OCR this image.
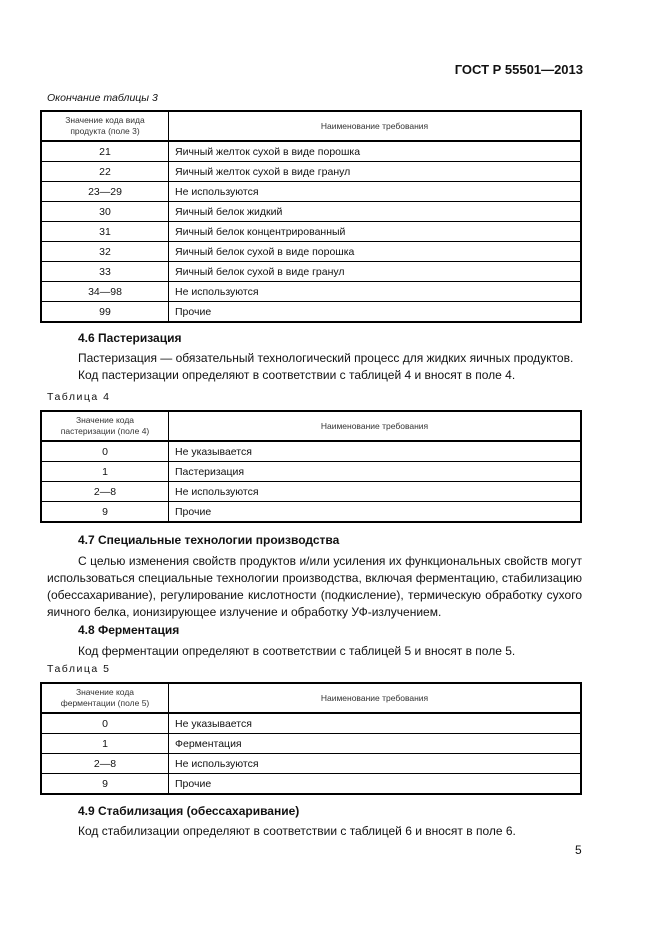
ГОСТ Р 55501—2013
Окончание таблицы 3
Значение кода вида продукта (поле 3)	Наименование требования
21	Яичный желток сухой в виде порошка
22	Яичный желток сухой в виде гранул
23—29	Не используются
30	Яичный белок жидкий
31	Яичный белок концентрированный
32	Яичный белок сухой в виде порошка
33	Яичный белок сухой в виде гранул
34—98	Не используются
99	Прочие
4.6 Пастеризация
Пастеризация — обязательный технологический процесс для жидких яичных продуктов.
Код пастеризации определяют в соответствии с таблицей 4 и вносят в поле 4.
Таблица 4
Значение кода пастеризации (поле 4)	Наименование требования
0	Не указывается
1	Пастеризация
2—8	Не используются
9	Прочие
4.7 Специальные технологии производства
С целью изменения свойств продуктов и/или усиления их функциональных свойств могут использоваться специальные технологии производства, включая ферментацию, стабилизацию (обессахаривание), регулирование кислотности (подкисление), термическую обработку сухого яичного белка, ионизирующее излучение и обработку УФ-излучением.
4.8 Ферментация
Код ферментации определяют в соответствии с таблицей 5 и вносят в поле 5.
Таблица 5
Значение кода ферментации (поле 5)	Наименование требования
0	Не указывается
1	Ферментация
2—8	Не используются
9	Прочие
4.9 Стабилизация (обессахаривание)
Код стабилизации определяют в соответствии с таблицей 6 и вносят в поле 6.
5
